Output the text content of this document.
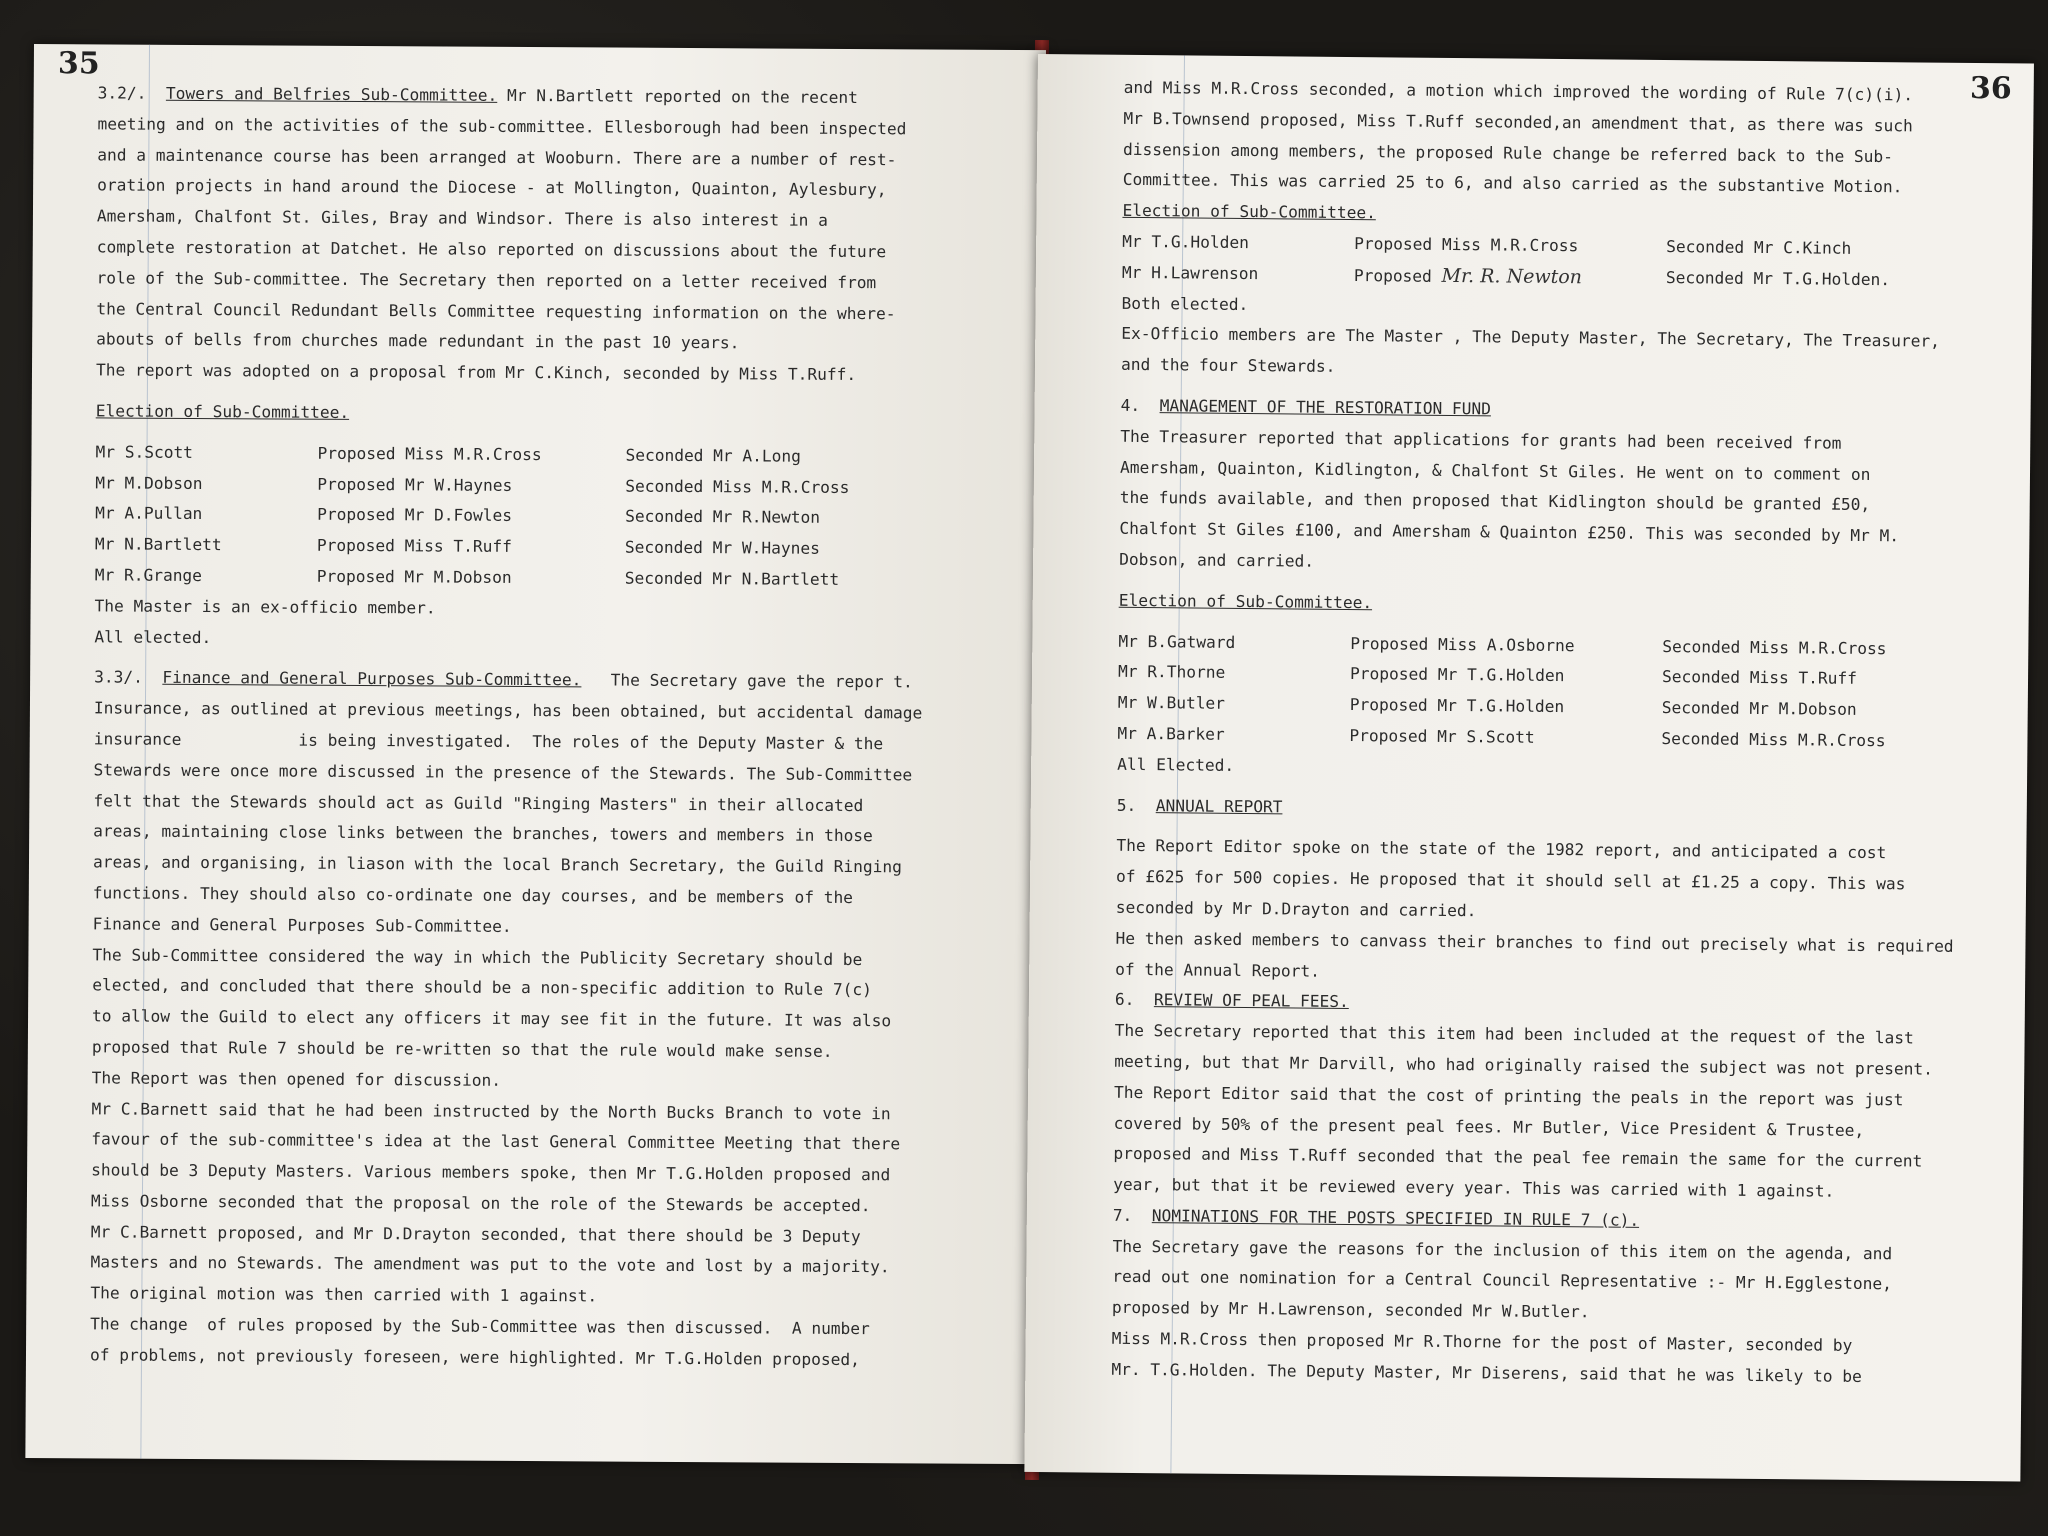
35
3.2/. Towers and Belfries Sub-Committee. Mr N.Bartlett reported on the recent
meeting and on the activities of the sub-committee. Ellesborough had been inspected
and a maintenance course has been arranged at Wooburn. There are a number of rest-
oration projects in hand around the Diocese - at Mollington, Quainton, Aylesbury,
Amersham, Chalfont St. Giles, Bray and Windsor. There is also interest in a
complete restoration at Datchet. He also reported on discussions about the future
role of the Sub-committee. The Secretary then reported on a letter received from
the Central Council Redundant Bells Committee requesting information on the where-
abouts of bells from churches made redundant in the past 10 years.
The report was adopted on a proposal from Mr C.Kinch, seconded by Miss T.Ruff.
Election of Sub-Committee.
Mr S.Scott	Proposed Miss M.R.Cross	Seconded Mr A.Long
Mr M.Dobson	Proposed Mr W.Haynes	Seconded Miss M.R.Cross
Mr A.Pullan	Proposed Mr D.Fowles	Seconded Mr R.Newton
Mr N.Bartlett	Proposed Miss T.Ruff	Seconded Mr W.Haynes
Mr R.Grange	Proposed Mr M.Dobson	Seconded Mr N.Bartlett
The Master is an ex-officio member.
All elected.
3.3/. Finance and General Purposes Sub-Committee. The Secretary gave the repor t.
Insurance, as outlined at previous meetings, has been obtained, but accidental damage
insurance            is being investigated.  The roles of the Deputy Master & the
Stewards were once more discussed in the presence of the Stewards. The Sub-Committee
felt that the Stewards should act as Guild "Ringing Masters" in their allocated
areas, maintaining close links between the branches, towers and members in those
areas, and organising, in liason with the local Branch Secretary, the Guild Ringing
functions. They should also co-ordinate one day courses, and be members of the
Finance and General Purposes Sub-Committee.
The Sub-Committee considered the way in which the Publicity Secretary should be
elected, and concluded that there should be a non-specific addition to Rule 7(c)
to allow the Guild to elect any officers it may see fit in the future. It was also
proposed that Rule 7 should be re-written so that the rule would make sense.
The Report was then opened for discussion.
Mr C.Barnett said that he had been instructed by the North Bucks Branch to vote in
favour of the sub-committee's idea at the last General Committee Meeting that there
should be 3 Deputy Masters. Various members spoke, then Mr T.G.Holden proposed and
Miss Osborne seconded that the proposal on the role of the Stewards be accepted.
Mr C.Barnett proposed, and Mr D.Drayton seconded, that there should be 3 Deputy
Masters and no Stewards. The amendment was put to the vote and lost by a majority.
The original motion was then carried with 1 against.
The change  of rules proposed by the Sub-Committee was then discussed.  A number
of problems, not previously foreseen, were highlighted. Mr T.G.Holden proposed,
36
and Miss M.R.Cross seconded, a motion which improved the wording of Rule 7(c)(i).
Mr B.Townsend proposed, Miss T.Ruff seconded,an amendment that, as there was such
dissension among members, the proposed Rule change be referred back to the Sub-
Committee. This was carried 25 to 6, and also carried as the substantive Motion.
Election of Sub-Committee.
Mr T.G.Holden	Proposed Miss M.R.Cross	Seconded Mr C.Kinch
Mr H.Lawrenson	Proposed Mr. R. Newton	Seconded Mr T.G.Holden.
Both elected.
Ex-Officio members are The Master , The Deputy Master, The Secretary, The Treasurer,
and the four Stewards.
4. MANAGEMENT OF THE RESTORATION FUND
The Treasurer reported that applications for grants had been received from
Amersham, Quainton, Kidlington, & Chalfont St Giles. He went on to comment on
the funds available, and then proposed that Kidlington should be granted £50,
Chalfont St Giles £100, and Amersham & Quainton £250. This was seconded by Mr M.
Dobson, and carried.
Election of Sub-Committee.
Mr B.Gatward	Proposed Miss A.Osborne	Seconded Miss M.R.Cross
Mr R.Thorne	Proposed Mr T.G.Holden	Seconded Miss T.Ruff
Mr W.Butler	Proposed Mr T.G.Holden	Seconded Mr M.Dobson
Mr A.Barker	Proposed Mr S.Scott	Seconded Miss M.R.Cross
All Elected.
5. ANNUAL REPORT
The Report Editor spoke on the state of the 1982 report, and anticipated a cost
of £625 for 500 copies. He proposed that it should sell at £1.25 a copy. This was
seconded by Mr D.Drayton and carried.
He then asked members to canvass their branches to find out precisely what is required
of the Annual Report.
6. REVIEW OF PEAL FEES.
The Secretary reported that this item had been included at the request of the last
meeting, but that Mr Darvill, who had originally raised the subject was not present.
The Report Editor said that the cost of printing the peals in the report was just
covered by 50% of the present peal fees. Mr Butler, Vice President & Trustee,
proposed and Miss T.Ruff seconded that the peal fee remain the same for the current
year, but that it be reviewed every year. This was carried with 1 against.
7. NOMINATIONS FOR THE POSTS SPECIFIED IN RULE 7 (c).
The Secretary gave the reasons for the inclusion of this item on the agenda, and
read out one nomination for a Central Council Representative :- Mr H.Egglestone,
proposed by Mr H.Lawrenson, seconded Mr W.Butler.
Miss M.R.Cross then proposed Mr R.Thorne for the post of Master, seconded by
Mr. T.G.Holden. The Deputy Master, Mr Diserens, said that he was likely to be
